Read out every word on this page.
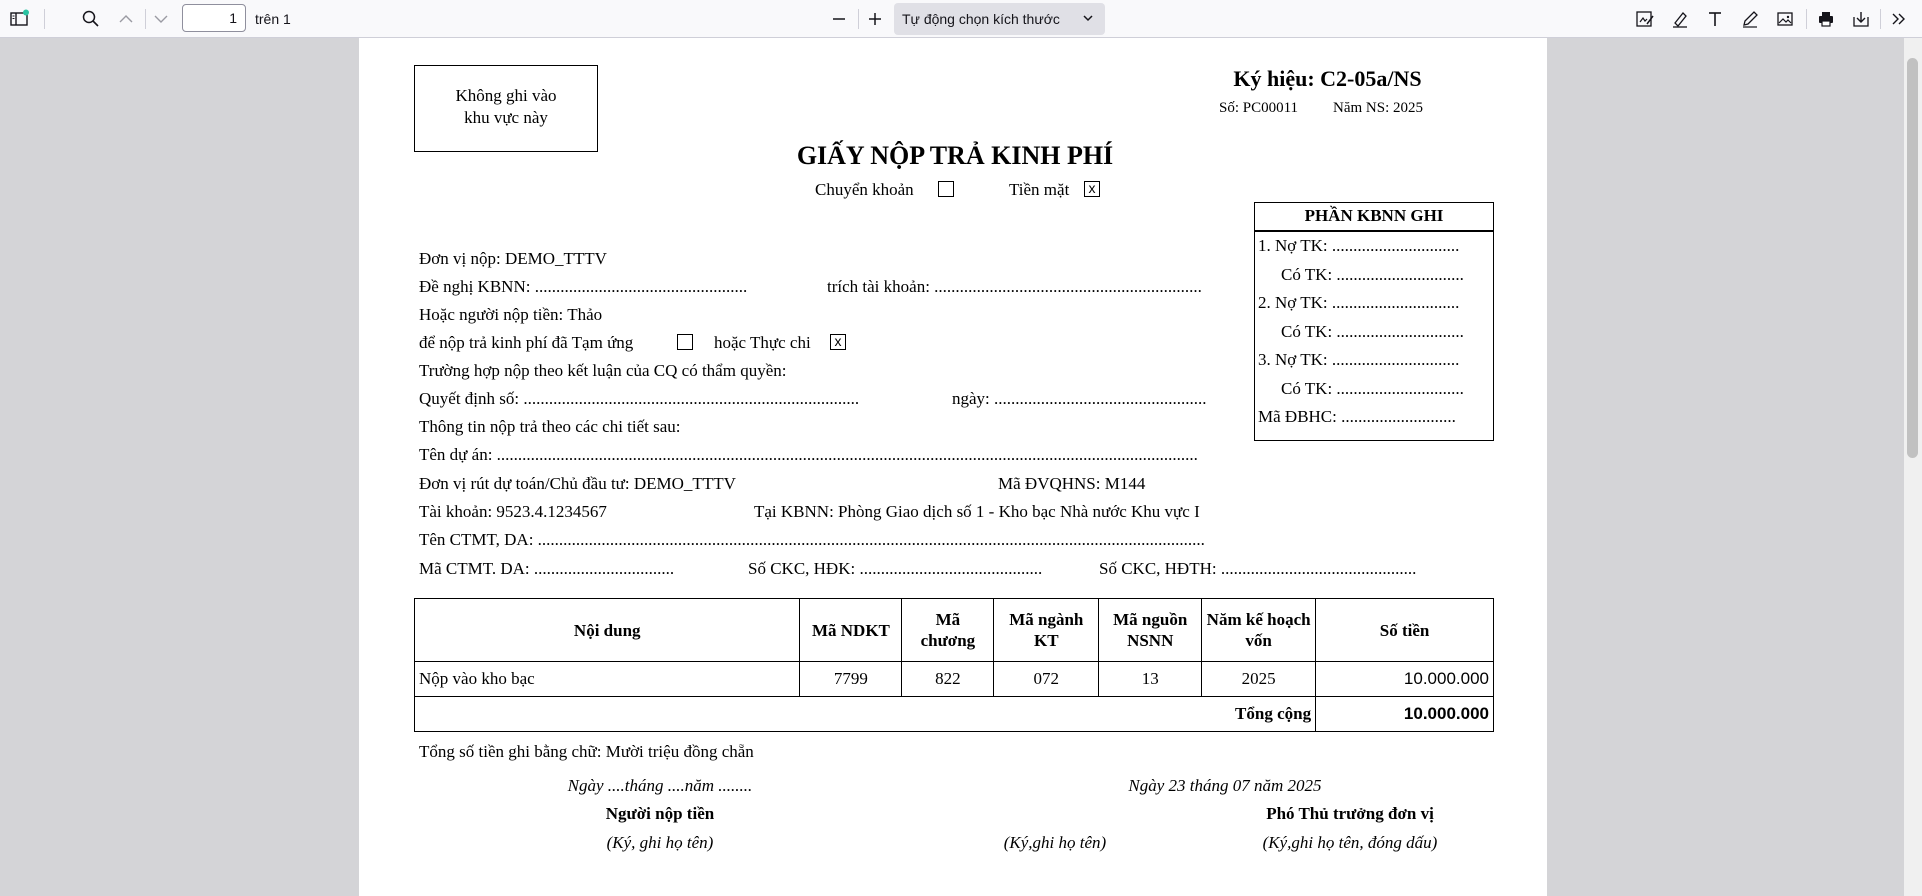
1	trên 1	Tự động chọn kích thước
Không ghi vào
khu vực này
Ký hiệu: C2-05a/NS
Số: PC00011 Năm NS: 2025
GIẤY NỘP TRẢ KINH PHÍ
Chuyển khoản	Tiền mặt	x
PHẦN KBNN GHI
1. Nợ TK: ..............................
Có TK: ..............................
2. Nợ TK: ..............................
Có TK: ..............................
3. Nợ TK: ..............................
Có TK: ..............................
Mã ĐBHC: ...........................
Đơn vị nộp: DEMO_TTTV
Đề nghị KBNN: ..................................................	trích tài khoản: ...............................................................
Hoặc người nộp tiền: Thảo
để nộp trả kinh phí đã Tạm ứng	hoặc Thực chi	x
Trường hợp nộp theo kết luận của CQ có thẩm quyền:
Quyết định số: ...............................................................................	ngày: ..................................................
Thông tin nộp trả theo các chi tiết sau:
Tên dự án: .....................................................................................................................................................................
Đơn vị rút dự toán/Chủ đầu tư: DEMO_TTTV	Mã ĐVQHNS: M144
Tài khoản: 9523.4.1234567	Tại KBNN: Phòng Giao dịch số 1 - Kho bạc Nhà nước Khu vực I
Tên CTMT, DA: .............................................................................................................................................................
Mã CTMT. DA: .................................	Số CKC, HĐK: ...........................................	Số CKC, HĐTH: ..............................................
Nội dung	Mã NDKT	Mã chương	Mã ngành KT	Mã nguồn NSNN	Năm kế hoạch vốn	Số tiền
Nộp vào kho bạc	7799	822	072	13	2025	10.000.000
Tổng cộng						10.000.000
Tổng số tiền ghi bằng chữ: Mười triệu đồng chẵn
Ngày ....tháng ....năm ........	Ngày 23 tháng 07 năm 2025
Người nộp tiền	Phó Thủ trưởng đơn vị
(Ký, ghi họ tên)	(Ký,ghi họ tên)	(Ký,ghi họ tên, đóng dấu)
